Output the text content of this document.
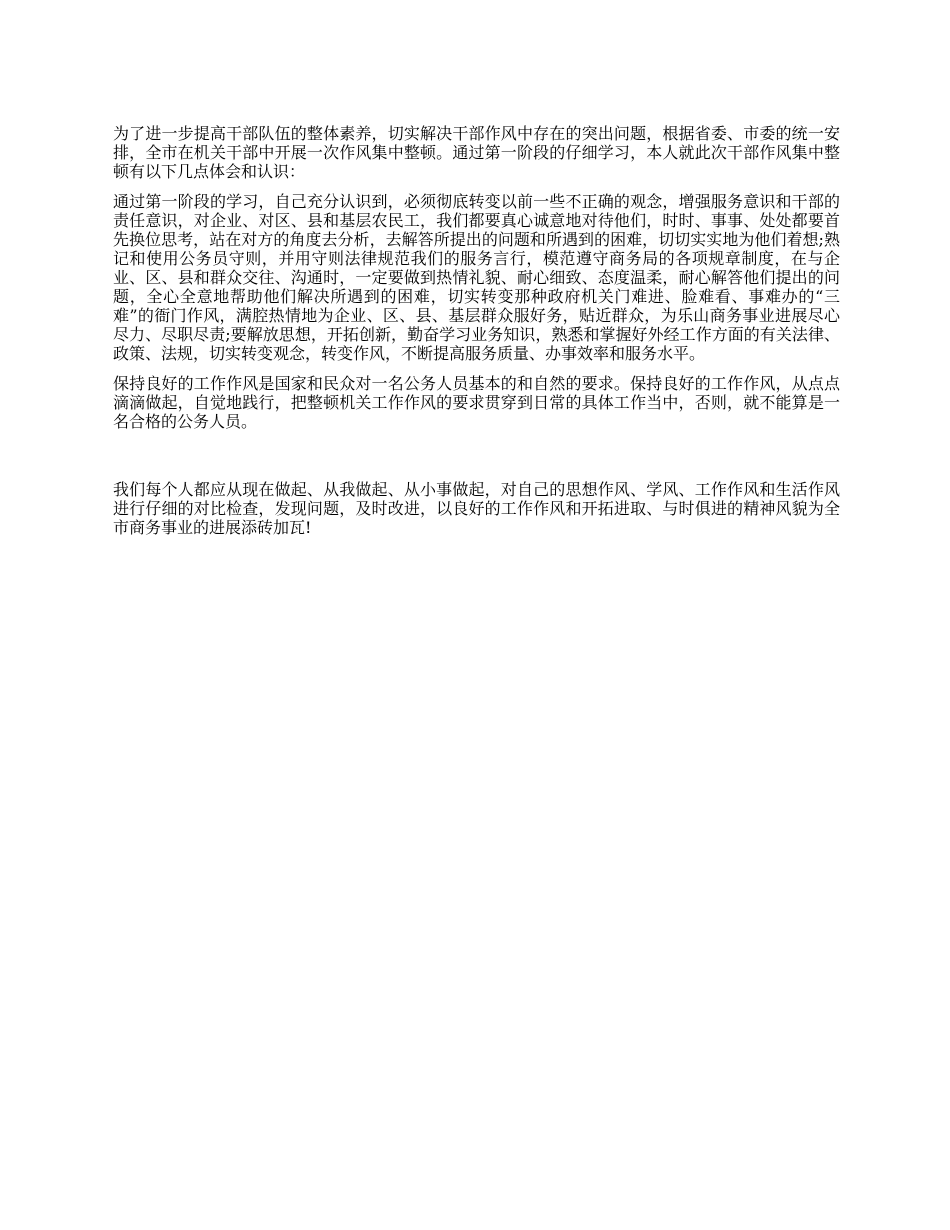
为了进一步提高干部队伍的整体素养，切实解决干部作风中存在的突出问题，根据省委、市委的统一安排，全市在机关干部中开展一次作风集中整顿。通过第一阶段的仔细学习，本人就此次干部作风集中整顿有以下几点体会和认识：

通过第一阶段的学习，自己充分认识到，必须彻底转变以前一些不正确的观念，增强服务意识和干部的责任意识，对企业、对区、县和基层农民工，我们都要真心诚意地对待他们，时时、事事、处处都要首先换位思考，站在对方的角度去分析，去解答所提出的问题和所遇到的困难，切切实实地为他们着想;熟记和使用公务员守则，并用守则法律规范我们的服务言行，模范遵守商务局的各项规章制度，在与企业、区、县和群众交往、沟通时，一定要做到热情礼貌、耐心细致、态度温柔，耐心解答他们提出的问题，全心全意地帮助他们解决所遇到的困难，切实转变那种政府机关门难进、脸难看、事难办的“三难”的衙门作风，满腔热情地为企业、区、县、基层群众服好务，贴近群众，为乐山商务事业进展尽心尽力、尽职尽责;要解放思想，开拓创新，勤奋学习业务知识，熟悉和掌握好外经工作方面的有关法律、政策、法规，切实转变观念，转变作风，不断提高服务质量、办事效率和服务水平。

保持良好的工作作风是国家和民众对一名公务人员基本的和自然的要求。保持良好的工作作风，从点点滴滴做起，自觉地践行，把整顿机关工作作风的要求贯穿到日常的具体工作当中，否则，就不能算是一名合格的公务人员。

我们每个人都应从现在做起、从我做起、从小事做起，对自己的思想作风、学风、工作作风和生活作风进行仔细的对比检查，发现问题，及时改进，以良好的工作作风和开拓进取、与时俱进的精神风貌为全市商务事业的进展添砖加瓦!
